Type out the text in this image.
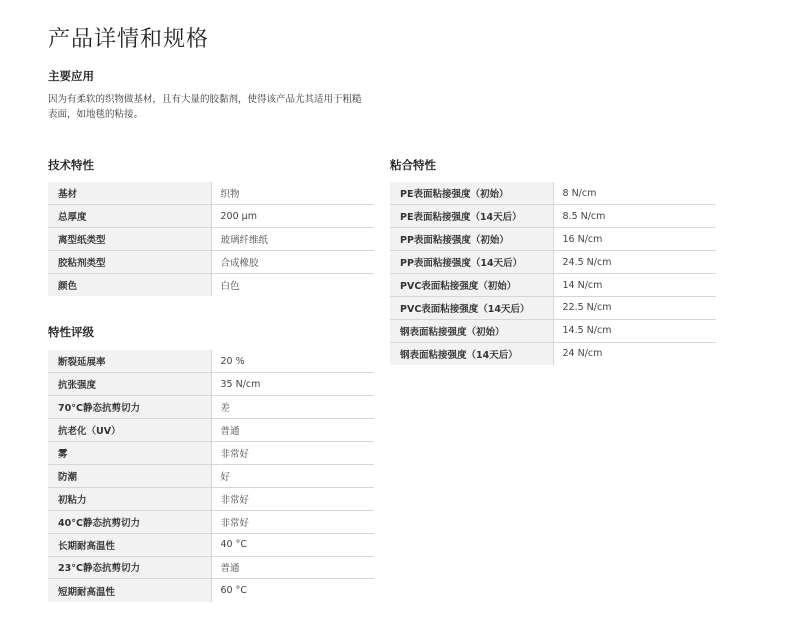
产品详情和规格
主要应用
因为有柔软的织物做基材，且有大量的胶黏剂，使得该产品尤其适用于粗糙表面，如地毯的粘接。
技术特性
基材	织物
总厚度	200 µm
离型纸类型	玻璃纤维纸
胶粘剂类型	合成橡胶
颜色	白色
特性评级
断裂延展率	20 %
抗张强度	35 N/cm
70°C静态抗剪切力	差
抗老化（UV）	普通
雾	非常好
防潮	好
初粘力	非常好
40°C静态抗剪切力	非常好
长期耐高温性	40 °C
23°C静态抗剪切力	普通
短期耐高温性	60 °C
粘合特性
PE表面粘接强度（初始）	8 N/cm
PE表面粘接强度（14天后）	8.5 N/cm
PP表面粘接强度（初始）	16 N/cm
PP表面粘接强度（14天后）	24.5 N/cm
PVC表面粘接强度（初始）	14 N/cm
PVC表面粘接强度（14天后）	22.5 N/cm
钢表面粘接强度（初始）	14.5 N/cm
钢表面粘接强度（14天后）	24 N/cm
